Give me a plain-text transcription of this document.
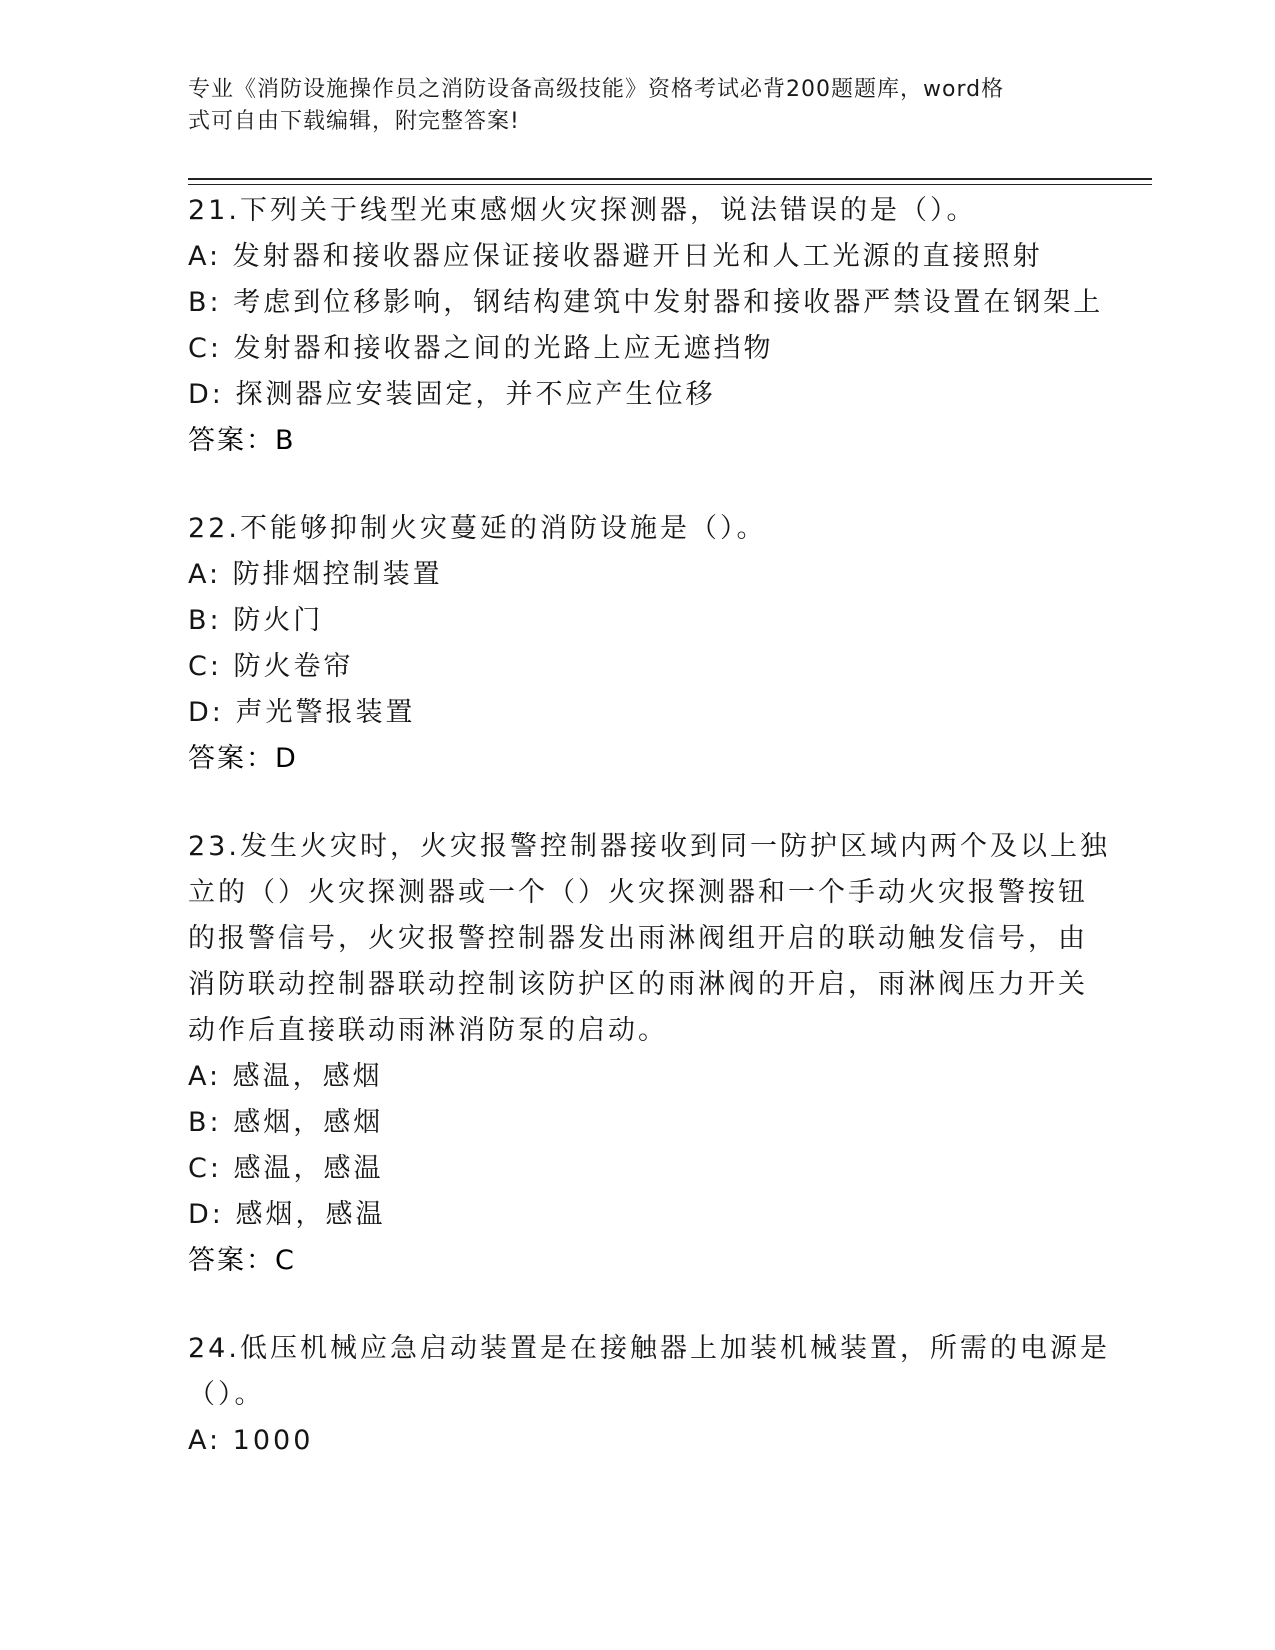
专业《消防设施操作员之消防设备高级技能》资格考试必背200题题库，word格
式可自由下载编辑，附完整答案!
21.下列关于线型光束感烟火灾探测器，说法错误的是（）。
A: 发射器和接收器应保证接收器避开日光和人工光源的直接照射
B: 考虑到位移影响，钢结构建筑中发射器和接收器严禁设置在钢架上
C: 发射器和接收器之间的光路上应无遮挡物
D: 探测器应安装固定，并不应产生位移
答案：B
22.不能够抑制火灾蔓延的消防设施是（）。
A: 防排烟控制装置
B: 防火门
C: 防火卷帘
D: 声光警报装置
答案：D
23.发生火灾时，火灾报警控制器接收到同一防护区域内两个及以上独
立的（）火灾探测器或一个（）火灾探测器和一个手动火灾报警按钮
的报警信号，火灾报警控制器发出雨淋阀组开启的联动触发信号，由
消防联动控制器联动控制该防护区的雨淋阀的开启，雨淋阀压力开关
动作后直接联动雨淋消防泵的启动。
A: 感温，感烟
B: 感烟，感烟
C: 感温，感温
D: 感烟，感温
答案：C
24.低压机械应急启动装置是在接触器上加装机械装置，所需的电源是
（）。
A: 1000
